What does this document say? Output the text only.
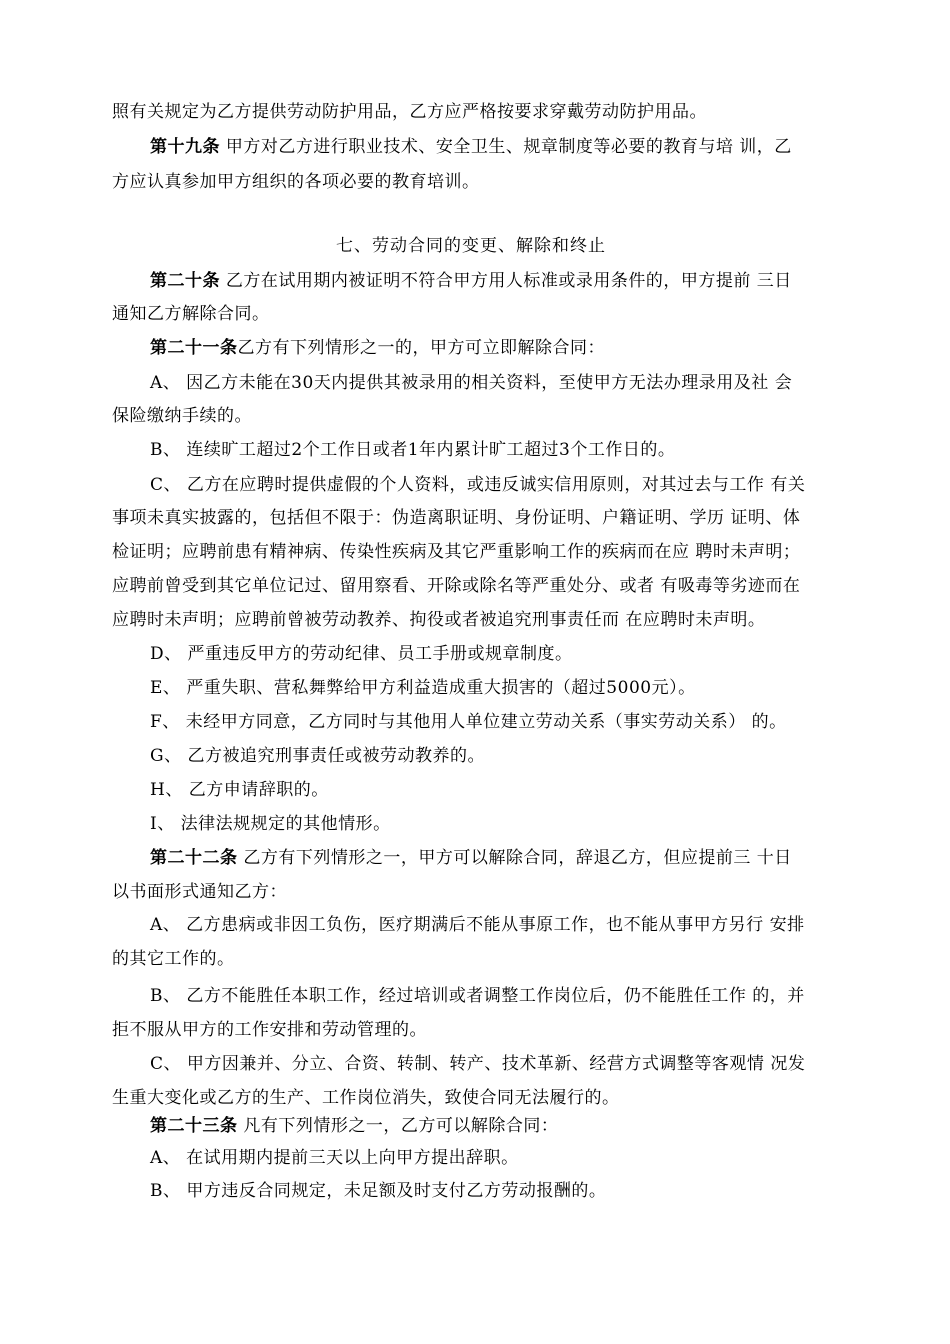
照有关规定为乙方提供劳动防护用品，乙方应严格按要求穿戴劳动防护用品。
第十九条 甲方对乙方进行职业技术、安全卫生、规章制度等必要的教育与培 训，乙
方应认真参加甲方组织的各项必要的教育培训。
七、劳动合同的变更、解除和终止
第二十条 乙方在试用期内被证明不符合甲方用人标准或录用条件的，甲方提前 三日
通知乙方解除合同。
第二十一条乙方有下列情形之一的，甲方可立即解除合同：
A、 因乙方未能在30天内提供其被录用的相关资料，至使甲方无法办理录用及社 会
保险缴纳手续的。
B、 连续旷工超过2个工作日或者1年内累计旷工超过3个工作日的。
C、 乙方在应聘时提供虚假的个人资料，或违反诚实信用原则，对其过去与工作 有关
事项未真实披露的，包括但不限于：伪造离职证明、身份证明、户籍证明、学历 证明、体
检证明；应聘前患有精神病、传染性疾病及其它严重影响工作的疾病而在应 聘时未声明；
应聘前曾受到其它单位记过、留用察看、开除或除名等严重处分、或者 有吸毒等劣迹而在
应聘时未声明；应聘前曾被劳动教养、拘役或者被追究刑事责任而 在应聘时未声明。
D、 严重违反甲方的劳动纪律、员工手册或规章制度。
E、 严重失职、营私舞弊给甲方利益造成重大损害的（超过5000元）。
F、 未经甲方同意，乙方同时与其他用人单位建立劳动关系（事实劳动关系） 的。
G、 乙方被追究刑事责任或被劳动教养的。
H、 乙方申请辞职的。
I、 法律法规规定的其他情形。
第二十二条 乙方有下列情形之一，甲方可以解除合同，辞退乙方，但应提前三 十日
以书面形式通知乙方：
A、 乙方患病或非因工负伤，医疗期满后不能从事原工作，也不能从事甲方另行 安排
的其它工作的。
B、 乙方不能胜任本职工作，经过培训或者调整工作岗位后，仍不能胜任工作 的，并
拒不服从甲方的工作安排和劳动管理的。
C、 甲方因兼并、分立、合资、转制、转产、技术革新、经营方式调整等客观情 况发
生重大变化或乙方的生产、工作岗位消失，致使合同无法履行的。
第二十三条 凡有下列情形之一，乙方可以解除合同：
A、 在试用期内提前三天以上向甲方提出辞职。
B、 甲方违反合同规定，未足额及时支付乙方劳动报酬的。
